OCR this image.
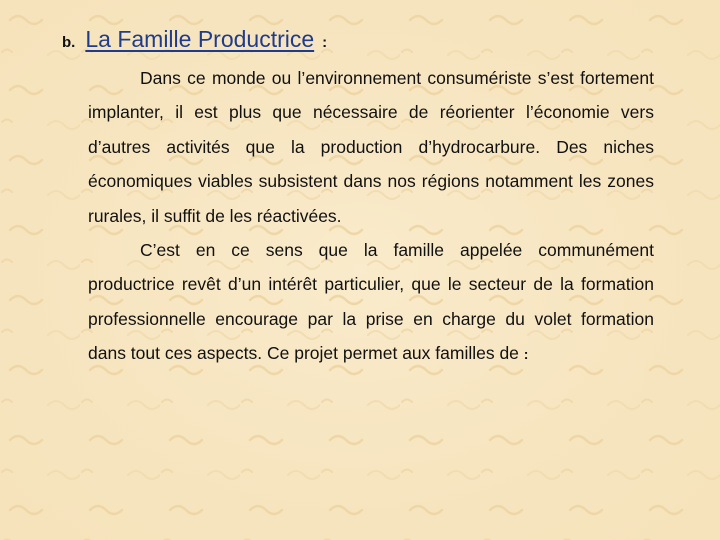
b. La Famille Productrice :

Dans ce monde ou l’environnement consumériste s’est fortement implanter, il est plus que nécessaire de réorienter l’économie vers d’autres activités que la production d’hydrocarbure. Des niches économiques viables subsistent dans nos régions notamment les zones rurales, il suffit de les réactivées.

C’est en ce sens que la famille appelée communément productrice revêt d’un intérêt particulier, que le secteur de la formation professionnelle encourage par la prise en charge du volet formation dans tout ces aspects. Ce projet permet aux familles de :
